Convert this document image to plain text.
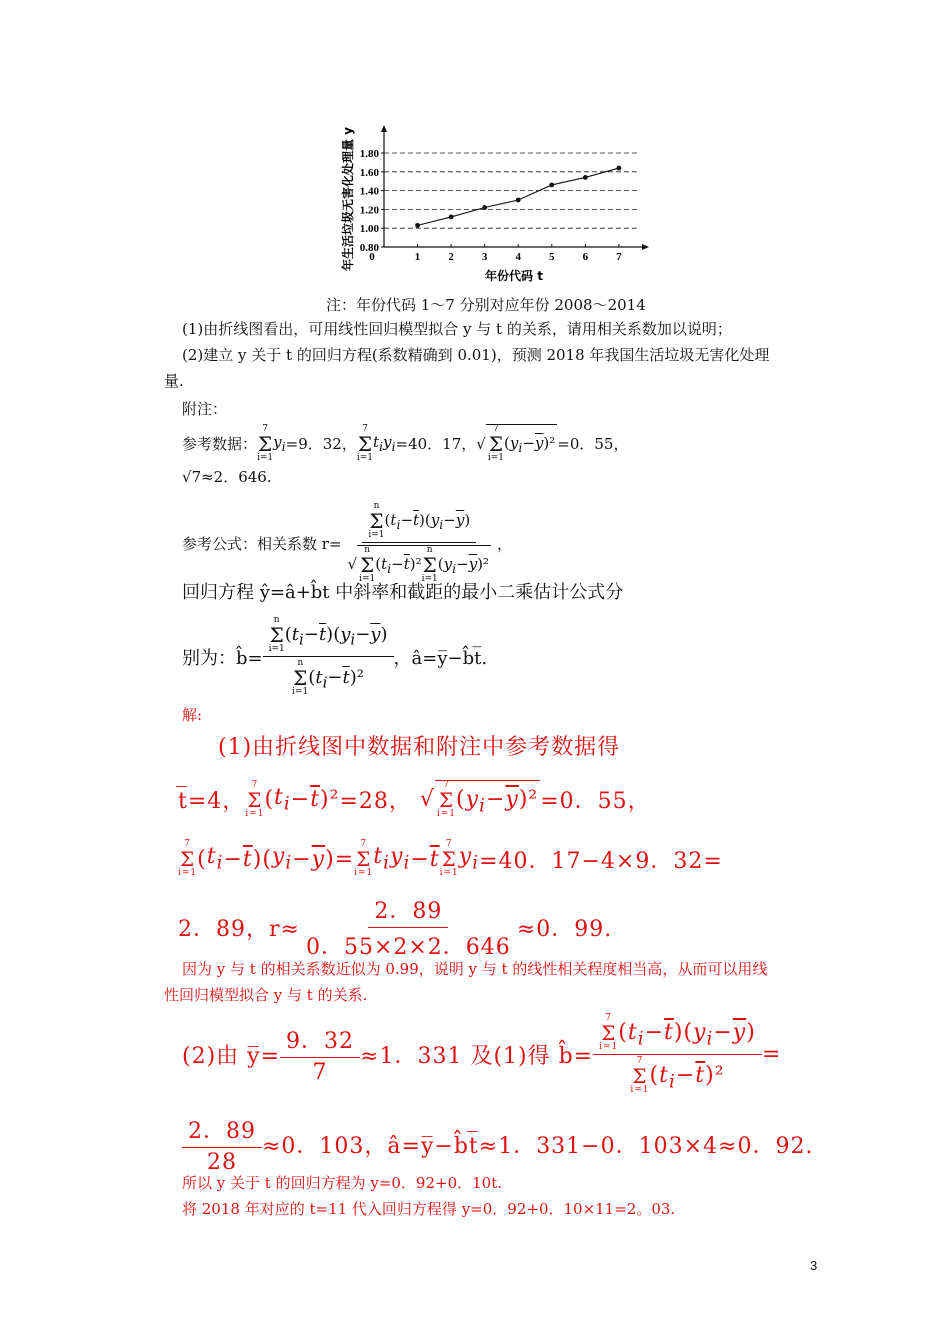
0.80
1.00
1.20
1.40
1.60
1.80
0	1	2	3	4	5	6	7
年份代码 t
年生活垃圾无害化处理量 y
注：年份代码 1～7 分别对应年份 2008～2014
(1)由折线图看出，可用线性回归模型拟合 y 与 t 的关系，请用相关系数加以说明；
(2)建立 y 关于 t 的回归方程(系数精确到 0.01)，预测 2018 年我国生活垃圾无害化处理
量.
附注：
参考数据：
7
Σ
i=1
$y_i =9$．32，
7
Σ
i=1
$t_iy_i =40$．17， √
7
Σ
i=1
$(y_i-\overline{y})^2 =0$．55，
√7≈2．646.
参考公式：相关系数 r= n
Σ
i=1
$(t_i-\overline{t})(y_i-\overline{y})$
√
n
Σ
i=1
$(t_i-\overline{t})^2$
n
Σ
i=1
$(y_i-\overline{y})^2$ ，
回归方程 ŷ=â+b̂t 中斜率和截距的最小二乘估计公式分
别为：b̂= n
Σ
i=1
$(t_i-\overline{t})(y_i-\overline{y})$
n
Σ
i=1
$(t_i-\overline{t})^2$ ，â=y̅−b̂t̅.
解:
(1)由折线图中数据和附注中参考数据得
t̅=4，
7
Σ
i=1
( $t_i - \overline{t}$ )² =28， √
7
Σ
i=1
$(y_i-\overline{y})^2 =0$．55，
7
Σ
i=1
( $t_i - \overline{t}$ )( $y_i - \overline{y}$ )=
7
Σ
i=1
$t_iy_i - \overline{t}$
7
Σ
i=1
$y_i =40$．17−4×9．32=
2．89，$r\approx \frac{2.89}{0.55\times 2\times 2.646} \approx 0$．99.
因为 y 与 t 的相关系数近似为 0.99，说明 y 与 t 的线性相关程度相当高，从而可以用线
性回归模型拟合 y 与 t 的关系.
(2)由 y̅= $\frac{9.32}{7} \approx 1$．331 及(1)得 b̂= 7
Σ
i=1
$(t_i-\overline{t})(y_i-\overline{y})$
7
Σ
i=1
$(t_i-\overline{t})^2$ =
$\frac{2.89}{28} \approx 0$．103，â=y̅−b̂t̅≈1．331−0．103×4≈0．92.
所以 y 关于 t 的回归方程为 y=0．92+0．10t.
将 2018 年对应的 t=11 代入回归方程得 y=0．92+0．10×11=2。03.
3
